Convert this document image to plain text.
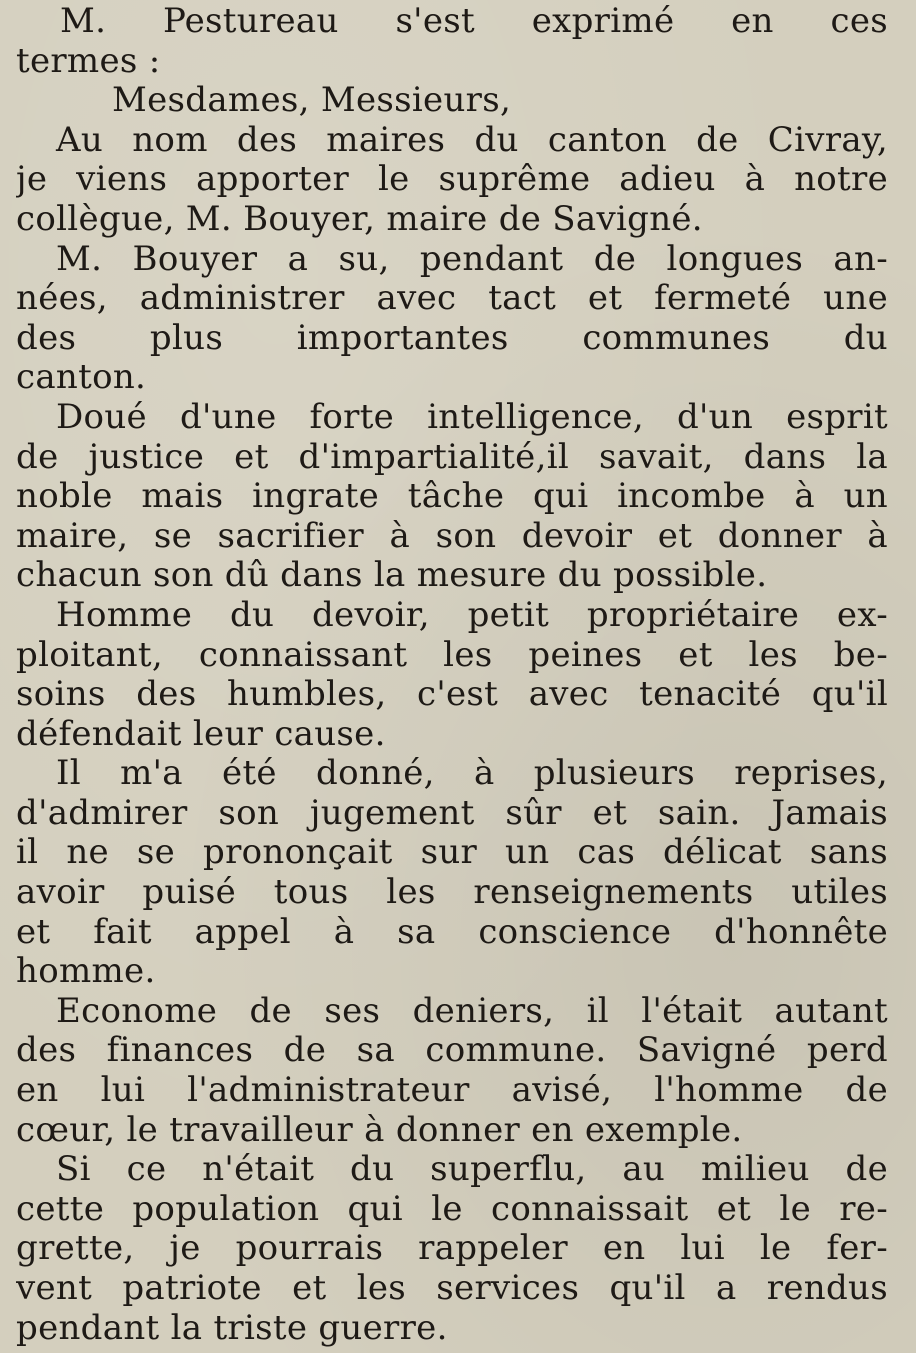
M. Pestureau s'est exprimé en ces
termes :
Mesdames, Messieurs,
Au nom des maires du canton de Civray,
je viens apporter le suprême adieu à notre
collègue, M. Bouyer, maire de Savigné.
M. Bouyer a su, pendant de longues an-
nées, administrer avec tact et fermeté une
des plus importantes communes du
canton.
Doué d'une forte intelligence, d'un esprit
de justice et d'impartialité,il savait, dans la
noble mais ingrate tâche qui incombe à un
maire, se sacrifier à son devoir et donner à
chacun son dû dans la mesure du possible.
Homme du devoir, petit propriétaire ex-
ploitant, connaissant les peines et les be-
soins des humbles, c'est avec tenacité qu'il
défendait leur cause.
Il m'a été donné, à plusieurs reprises,
d'admirer son jugement sûr et sain. Jamais
il ne se prononçait sur un cas délicat sans
avoir puisé tous les renseignements utiles
et fait appel à sa conscience d'honnête
homme.
Econome de ses deniers, il l'était autant
des finances de sa commune. Savigné perd
en lui l'administrateur avisé, l'homme de
cœur, le travailleur à donner en exemple.
Si ce n'était du superflu, au milieu de
cette population qui le connaissait et le re-
grette, je pourrais rappeler en lui le fer-
vent patriote et les services qu'il a rendus
pendant la triste guerre.
